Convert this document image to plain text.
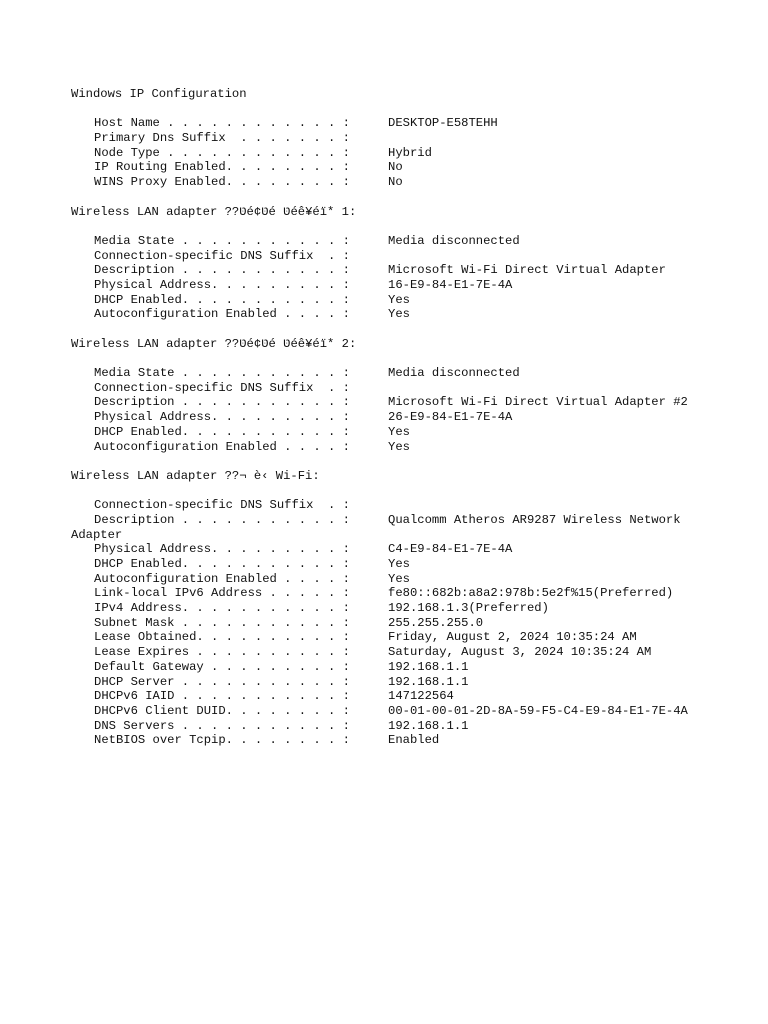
Windows IP Configuration
Host Name . . . . . . . . . . . . :	DESKTOP-E58TEHH
Primary Dns Suffix  . . . . . . . :
Node Type . . . . . . . . . . . . :	Hybrid
IP Routing Enabled. . . . . . . . :	No
WINS Proxy Enabled. . . . . . . . :	No
Wireless LAN adapter ??טּé¢טּé טּéê¥éï* 1:
Media State . . . . . . . . . . . :	Media disconnected
Connection-specific DNS Suffix  . :
Description . . . . . . . . . . . :	Microsoft Wi-Fi Direct Virtual Adapter
Physical Address. . . . . . . . . :	16-E9-84-E1-7E-4A
DHCP Enabled. . . . . . . . . . . :	Yes
Autoconfiguration Enabled . . . . :	Yes
Wireless LAN adapter ??טּé¢טּé טּéê¥éï* 2:
Media State . . . . . . . . . . . :	Media disconnected
Connection-specific DNS Suffix  . :
Description . . . . . . . . . . . :	Microsoft Wi-Fi Direct Virtual Adapter #2
Physical Address. . . . . . . . . :	26-E9-84-E1-7E-4A
DHCP Enabled. . . . . . . . . . . :	Yes
Autoconfiguration Enabled . . . . :	Yes
Wireless LAN adapter ??¬ è‹ Wi-Fi:
Connection-specific DNS Suffix  . :
Description . . . . . . . . . . . :	Qualcomm Atheros AR9287 Wireless Network
Adapter
Physical Address. . . . . . . . . :	C4-E9-84-E1-7E-4A
DHCP Enabled. . . . . . . . . . . :	Yes
Autoconfiguration Enabled . . . . :	Yes
Link-local IPv6 Address . . . . . :	fe80::682b:a8a2:978b:5e2f%15(Preferred)
IPv4 Address. . . . . . . . . . . :	192.168.1.3(Preferred)
Subnet Mask . . . . . . . . . . . :	255.255.255.0
Lease Obtained. . . . . . . . . . :	Friday, August 2, 2024 10:35:24 AM
Lease Expires . . . . . . . . . . :	Saturday, August 3, 2024 10:35:24 AM
Default Gateway . . . . . . . . . :	192.168.1.1
DHCP Server . . . . . . . . . . . :	192.168.1.1
DHCPv6 IAID . . . . . . . . . . . :	147122564
DHCPv6 Client DUID. . . . . . . . :	00-01-00-01-2D-8A-59-F5-C4-E9-84-E1-7E-4A
DNS Servers . . . . . . . . . . . :	192.168.1.1
NetBIOS over Tcpip. . . . . . . . :	Enabled
